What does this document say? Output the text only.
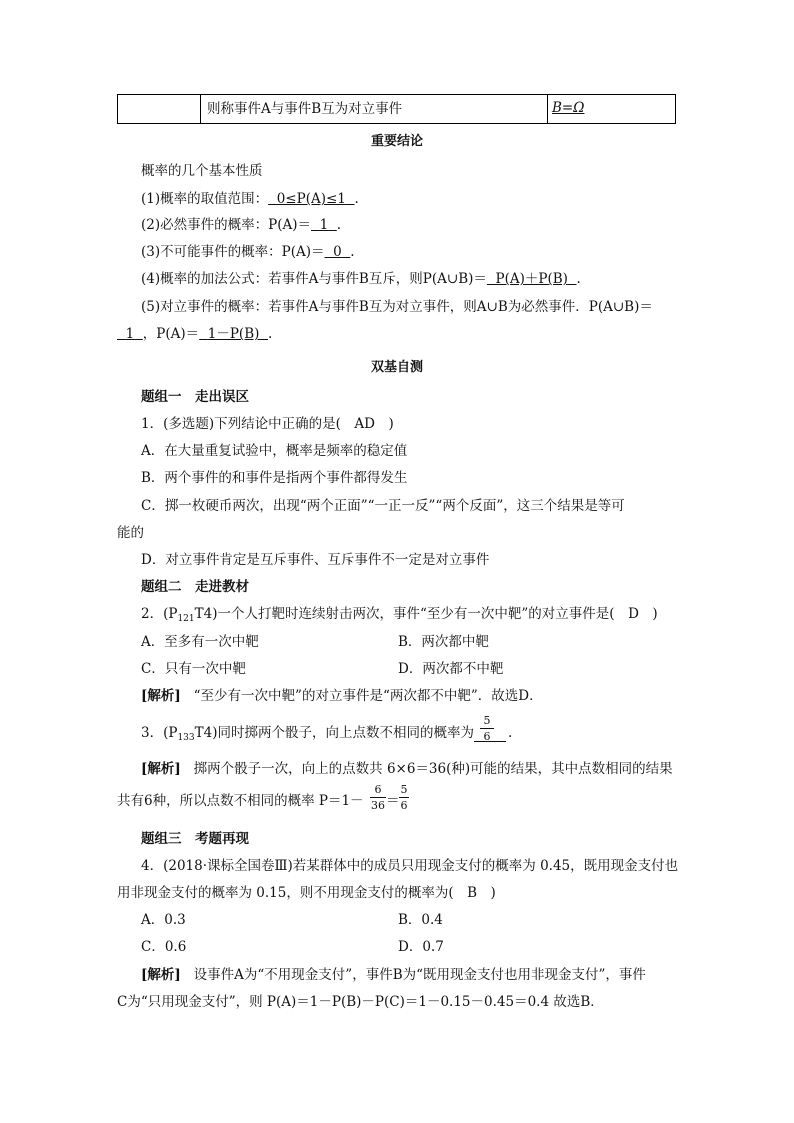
则称事件A与事件B互为对立事件	B=Ω
重要结论
概率的几个基本性质
(1)概率的取值范围： 0≤P(A)≤1 .
(2)必然事件的概率：P(A)＝ 1 .
(3)不可能事件的概率：P(A)＝ 0 .
(4)概率的加法公式：若事件A与事件B互斥，则P(A∪B)＝ P(A)＋P(B) .
(5)对立事件的概率：若事件A与事件B互为对立事件，则A∪B为必然事件．P(A∪B)＝
1 ，P(A)＝ 1－P(B) .
双基自测
题组一　走出误区
1．(多选题)下列结论中正确的是(　AD　)
A．在大量重复试验中，概率是频率的稳定值
B．两个事件的和事件是指两个事件都得发生
C．掷一枚硬币两次，出现“两个正面”“一正一反”“两个反面”，这三个结果是等可
能的
D．对立事件肯定是互斥事件、互斥事件不一定是对立事件
题组二　走进教材
2．$(P_{121}T4)$一个人打靶时连续射击两次，事件“至少有一次中靶”的对立事件是(　D　)
A．至多有一次中靶	B．两次都中靶
C．只有一次中靶	D．两次都不中靶
[解析] “至少有一次中靶”的对立事件是“两次都不中靶”．故选D．
3．$(P_{133}T4)$同时掷两个骰子，向上点数不相同的概率为	.
5
6
[解析] 掷两个骰子一次，向上的点数共 6×6＝36(种)可能的结果，其中点数相同的结果
共有6种，所以点数不相同的概率 P＝1－
6
36 ＝
5
6
题组三　考题再现
4．(2018·课标全国卷Ⅲ)若某群体中的成员只用现金支付的概率为 0.45，既用现金支付也
用非现金支付的概率为 0.15，则不用现金支付的概率为(　B　)
A．0.3	B．0.4
C．0.6	D．0.7
[解析] 设事件A为“不用现金支付”，事件B为“既用现金支付也用非现金支付”，事件
C为“只用现金支付”，则 P(A)＝1－P(B)－P(C)＝1－0.15－0.45＝0.4 故选B．
